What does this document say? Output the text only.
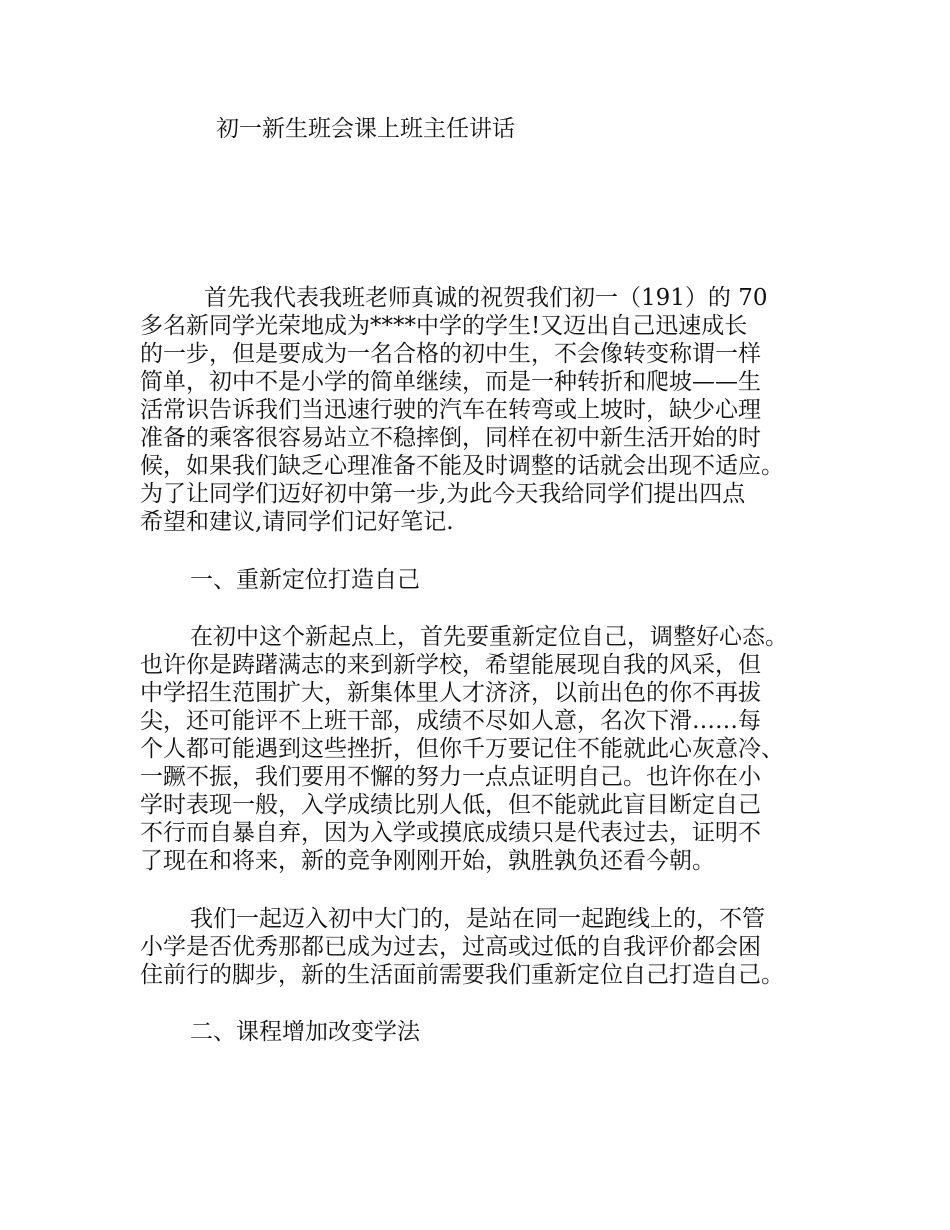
初一新生班会课上班主任讲话
首先我代表我班老师真诚的祝贺我们初一（191）的 70
多名新同学光荣地成为****中学的学生!又迈出自己迅速成长
的一步，但是要成为一名合格的初中生，不会像转变称谓一样
简单，初中不是小学的简单继续，而是一种转折和爬坡——生
活常识告诉我们当迅速行驶的汽车在转弯或上坡时，缺少心理
准备的乘客很容易站立不稳摔倒，同样在初中新生活开始的时
候，如果我们缺乏心理准备不能及时调整的话就会出现不适应。
为了让同学们迈好初中第一步,为此今天我给同学们提出四点
希望和建议,请同学们记好笔记.
一、重新定位打造自己
在初中这个新起点上，首先要重新定位自己，调整好心态。
也许你是踌躇满志的来到新学校，希望能展现自我的风采，但
中学招生范围扩大，新集体里人才济济，以前出色的你不再拔
尖，还可能评不上班干部，成绩不尽如人意，名次下滑……每
个人都可能遇到这些挫折，但你千万要记住不能就此心灰意冷、
一蹶不振，我们要用不懈的努力一点点证明自己。也许你在小
学时表现一般，入学成绩比别人低，但不能就此盲目断定自己
不行而自暴自弃，因为入学或摸底成绩只是代表过去，证明不
了现在和将来，新的竞争刚刚开始，孰胜孰负还看今朝。
我们一起迈入初中大门的，是站在同一起跑线上的，不管
小学是否优秀那都已成为过去，过高或过低的自我评价都会困
住前行的脚步，新的生活面前需要我们重新定位自己打造自己。
二、课程增加改变学法
